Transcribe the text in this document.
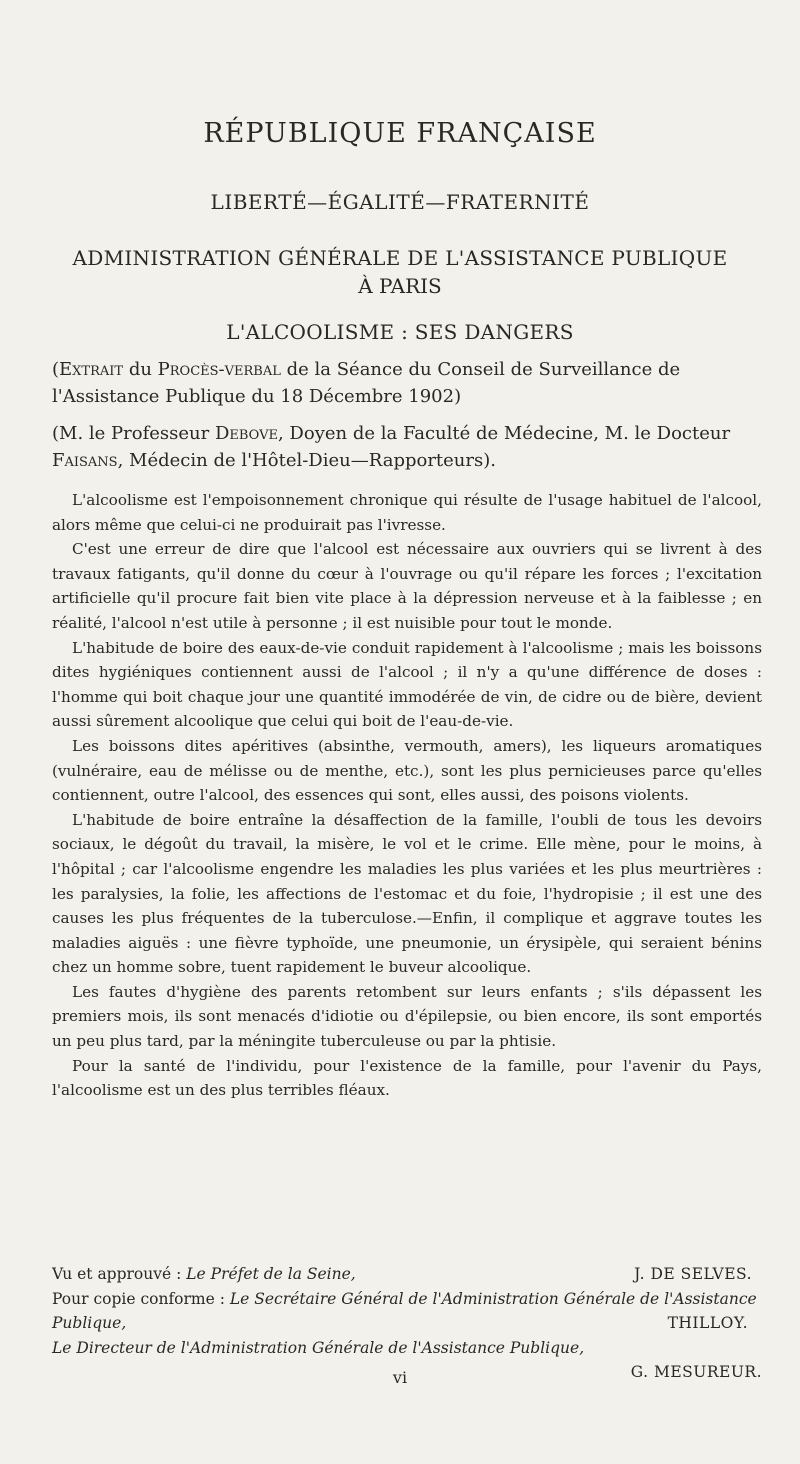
RÉPUBLIQUE FRANÇAISE
LIBERTÉ—ÉGALITÉ—FRATERNITÉ
ADMINISTRATION GÉNÉRALE DE L'ASSISTANCE PUBLIQUE
À PARIS
L'ALCOOLISME : SES DANGERS
(Extrait du Procès-verbal de la Séance du Conseil de Surveillance de l'Assistance Publique du 18 Décembre 1902)
(M. le Professeur Debove, Doyen de la Faculté de Médecine, M. le Docteur Faisans, Médecin de l'Hôtel-Dieu—Rapporteurs).

L'alcoolisme est l'empoisonnement chronique qui résulte de l'usage habituel de l'alcool, alors même que celui-ci ne produirait pas l'ivresse.

C'est une erreur de dire que l'alcool est nécessaire aux ouvriers qui se livrent à des travaux fatigants, qu'il donne du cœur à l'ouvrage ou qu'il répare les forces ; l'excitation artificielle qu'il procure fait bien vite place à la dépression nerveuse et à la faiblesse ; en réalité, l'alcool n'est utile à personne ; il est nuisible pour tout le monde.

L'habitude de boire des eaux-de-vie conduit rapidement à l'alcoolisme ; mais les boissons dites hygiéniques contiennent aussi de l'alcool ; il n'y a qu'une différence de doses : l'homme qui boit chaque jour une quantité immodérée de vin, de cidre ou de bière, devient aussi sûrement alcoolique que celui qui boit de l'eau-de-vie.

Les boissons dites apéritives (absinthe, vermouth, amers), les liqueurs aromatiques (vulnéraire, eau de mélisse ou de menthe, etc.), sont les plus pernicieuses parce qu'elles contiennent, outre l'alcool, des essences qui sont, elles aussi, des poisons violents.

L'habitude de boire entraîne la désaffection de la famille, l'oubli de tous les devoirs sociaux, le dégoût du travail, la misère, le vol et le crime. Elle mène, pour le moins, à l'hôpital ; car l'alcoolisme engendre les maladies les plus variées et les plus meurtrières : les paralysies, la folie, les affections de l'estomac et du foie, l'hydropisie ; il est une des causes les plus fréquentes de la tuberculose.—Enfin, il complique et aggrave toutes les maladies aiguës : une fièvre typhoïde, une pneumonie, un érysipèle, qui seraient bénins chez un homme sobre, tuent rapidement le buveur alcoolique.

Les fautes d'hygiène des parents retombent sur leurs enfants ; s'ils dépassent les premiers mois, ils sont menacés d'idiotie ou d'épilepsie, ou bien encore, ils sont emportés un peu plus tard, par la méningite tuberculeuse ou par la phtisie.

Pour la santé de l'individu, pour l'existence de la famille, pour l'avenir du Pays, l'alcoolisme est un des plus terribles fléaux.

Vu et approuvé : Le Préfet de la Seine,	J. DE SELVES.
Pour copie conforme : Le Secrétaire Général de l'Administration Générale de l'Assistance Publique,	THILLOY.
Le Directeur de l'Administration Générale de l'Assistance Publique,
G. MESUREUR.
vi
